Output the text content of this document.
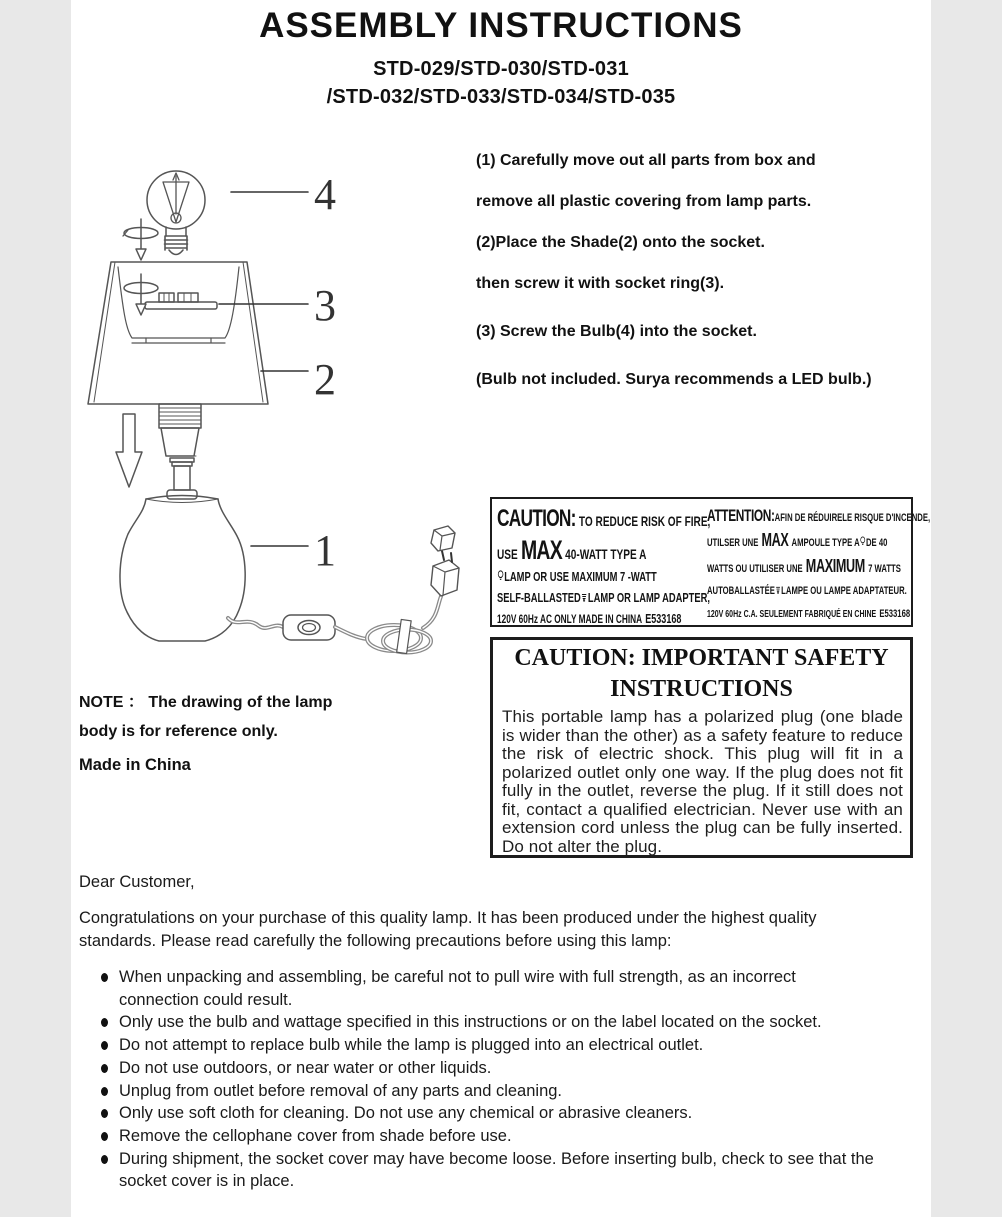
ASSEMBLY INSTRUCTIONS
STD-029/STD-030/STD-031
/STD-032/STD-033/STD-034/STD-035
(1) Carefully move out all parts from box and
remove all plastic covering from lamp parts.
(2)Place the Shade(2) onto the socket.
then screw it with socket ring(3).
(3) Screw the Bulb(4) into the socket.
(Bulb not included. Surya recommends a LED bulb.)
4
3
2
1
CAUTION: TO REDUCE RISK OF FIRE,
USE MAX 40-WATT TYPE A
LAMP OR USE MAXIMUM 7 -WATT
SELF-BALLASTED LAMP OR LAMP ADAPTER,
120V 60Hz AC ONLY MADE IN CHINA E533168
ATTENTION:AFIN DE RÉDUIRELE RISQUE D'INCENDE,
UTILSER UNE MAX AMPOULE TYPE A DE 40
WATTS OU UTILISER UNE MAXIMUM 7 WATTS
AUTOBALLASTÉE LAMPE OU LAMPE ADAPTATEUR.
120V 60Hz C.A. SEULEMENT FABRIQUÉ EN CHINE E533168
CAUTION: IMPORTANT SAFETY
INSTRUCTIONS
This portable lamp has a polarized plug (one blade is wider than the other) as a safety feature to reduce the risk of electric shock. This plug will fit in a polarized outlet only one way. If the plug does not fit fully in the outlet, reverse the plug. If it still does not fit, contact a qualified electrician. Never use with an extension cord unless the plug can be fully inserted. Do not alter the plug.
NOTE ： The drawing of the lamp
body is for reference only.
Made in China
Dear Customer,
Congratulations on your purchase of this quality lamp. It has been produced under the highest quality standards. Please read carefully the following precautions before using this lamp:
When unpacking and assembling, be careful not to pull wire with full strength, as an incorrect connection could result.
Only use the bulb and wattage specified in this instructions or on the label located on the socket.
Do not attempt to replace bulb while the lamp is plugged into an electrical outlet.
Do not use outdoors, or near water or other liquids.
Unplug from outlet before removal of any parts and cleaning.
Only use soft cloth for cleaning. Do not use any chemical or abrasive cleaners.
Remove the cellophane cover from shade before use.
During shipment, the socket cover may have become loose. Before inserting bulb, check to see that the socket cover is in place.
